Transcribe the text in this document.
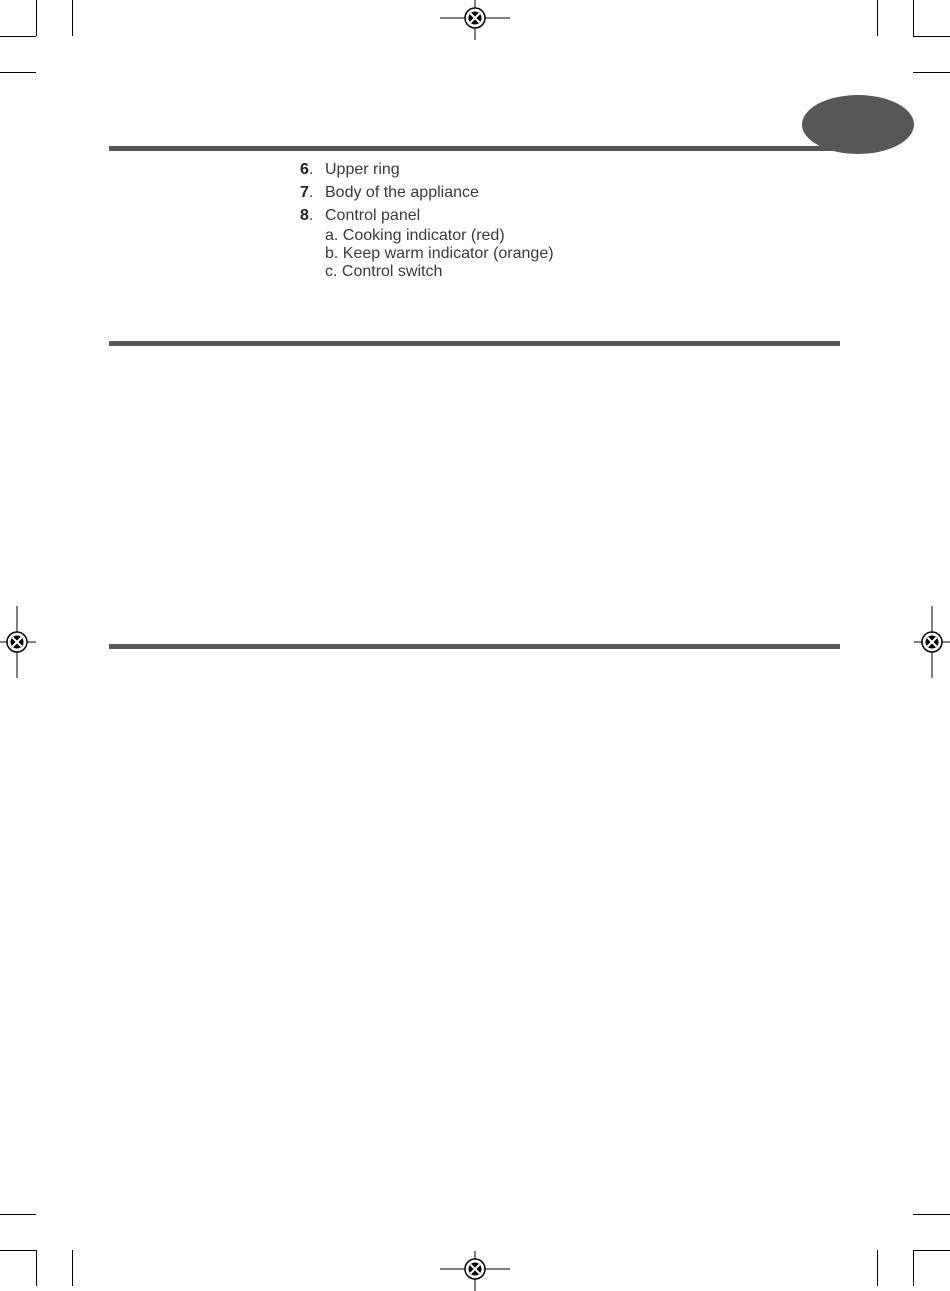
6. Upper ring
7. Body of the appliance
8. Control panel
a. Cooking indicator (red)
b. Keep warm indicator (orange)
c. Control switch
